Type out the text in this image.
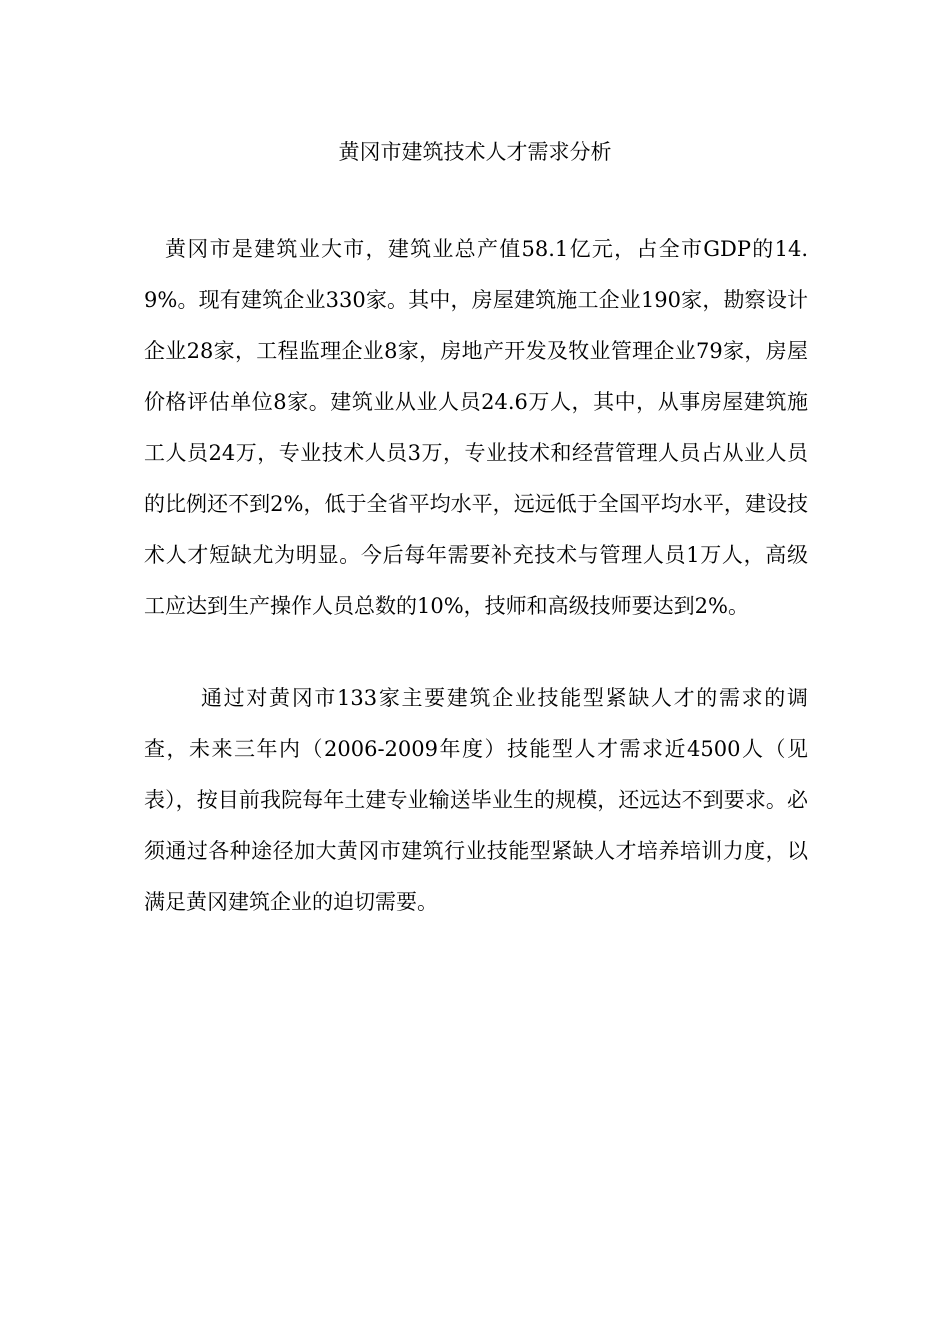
黄冈市建筑技术人才需求分析

黄冈市是建筑业大市，建筑业总产值58.1亿元，占全市GDP的14.9%。现有建筑企业330家。其中，房屋建筑施工企业190家，勘察设计企业28家，工程监理企业8家，房地产开发及牧业管理企业79家，房屋价格评估单位8家。建筑业从业人员24.6万人，其中，从事房屋建筑施工人员24万，专业技术人员3万，专业技术和经营管理人员占从业人员的比例还不到2%，低于全省平均水平，远远低于全国平均水平，建设技术人才短缺尤为明显。今后每年需要补充技术与管理人员1万人，高级工应达到生产操作人员总数的10%，技师和高级技师要达到2%。

通过对黄冈市133家主要建筑企业技能型紧缺人才的需求的调查，未来三年内（2006-2009年度）技能型人才需求近4500人（见表），按目前我院每年土建专业输送毕业生的规模，还远达不到要求。必须通过各种途径加大黄冈市建筑行业技能型紧缺人才培养培训力度，以满足黄冈建筑企业的迫切需要。
